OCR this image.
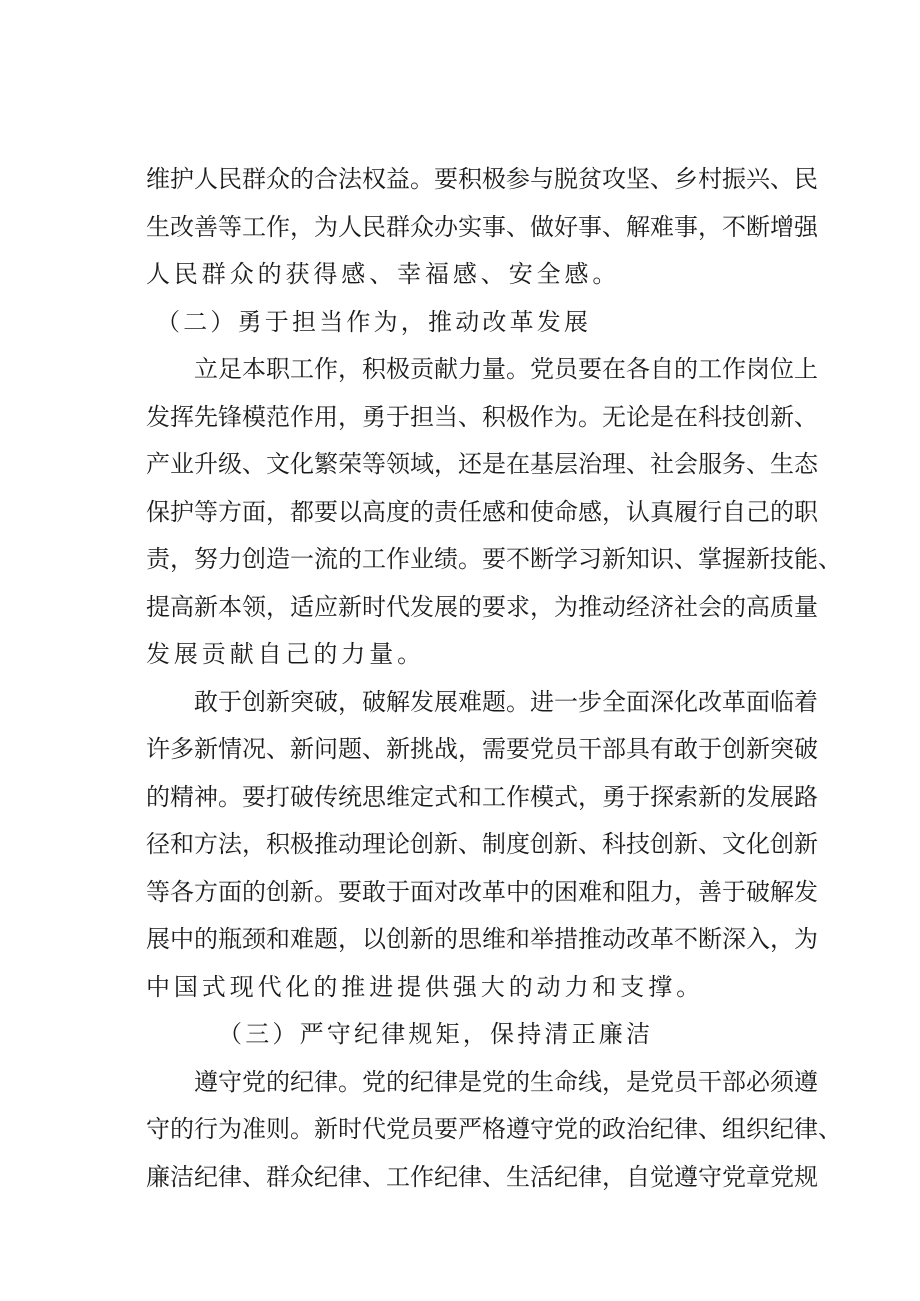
维护人民群众的合法权益。要积极参与脱贫攻坚、乡村振兴、民
生改善等工作，为人民群众办实事、做好事、解难事，不断增强
人民群众的获得感、幸福感、安全感。
（二）勇于担当作为，推动改革发展
立足本职工作，积极贡献力量。党员要在各自的工作岗位上
发挥先锋模范作用，勇于担当、积极作为。无论是在科技创新、
产业升级、文化繁荣等领域，还是在基层治理、社会服务、生态
保护等方面，都要以高度的责任感和使命感，认真履行自己的职
责，努力创造一流的工作业绩。要不断学习新知识、掌握新技能、
提高新本领，适应新时代发展的要求，为推动经济社会的高质量
发展贡献自己的力量。
敢于创新突破，破解发展难题。进一步全面深化改革面临着
许多新情况、新问题、新挑战，需要党员干部具有敢于创新突破
的精神。要打破传统思维定式和工作模式，勇于探索新的发展路
径和方法，积极推动理论创新、制度创新、科技创新、文化创新
等各方面的创新。要敢于面对改革中的困难和阻力，善于破解发
展中的瓶颈和难题，以创新的思维和举措推动改革不断深入，为
中国式现代化的推进提供强大的动力和支撑。
（三）严守纪律规矩，保持清正廉洁
遵守党的纪律。党的纪律是党的生命线，是党员干部必须遵
守的行为准则。新时代党员要严格遵守党的政治纪律、组织纪律、
廉洁纪律、群众纪律、工作纪律、生活纪律，自觉遵守党章党规
